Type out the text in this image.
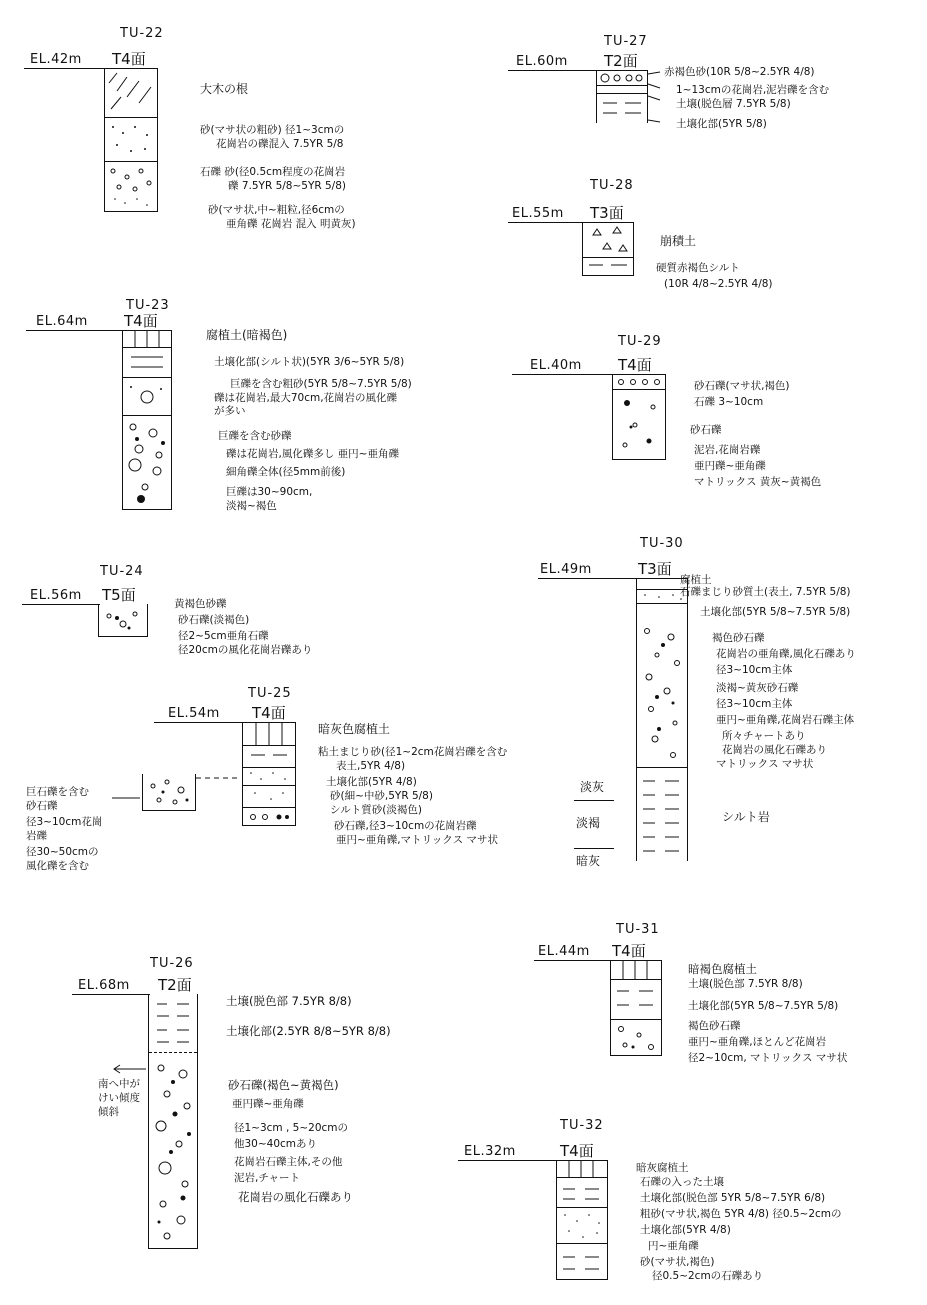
TU-22
EL.42m T4面
大木の根
砂(マサ状の粗砂) 径1~3cmの
花崗岩の礫混入 7.5YR 5/8
石礫 砂(径0.5cm程度の花崗岩
礫 7.5YR 5/8~5YR 5/8)
砂(マサ状,中~粗粒,径6cmの
亜角礫 花崗岩 混入 明黄灰)
TU-23
EL.64m T4面
腐植土(暗褐色)
土壌化部(シルト状)(5YR 3/6~5YR 5/8)
巨礫を含む粗砂(5YR 5/8~7.5YR 5/8)
礫は花崗岩,最大70cm,花崗岩の風化礫
が多い
巨礫を含む砂礫
礫は花崗岩,風化礫多し 亜円~亜角礫
細角礫全体(径5mm前後)
巨礫は30~90cm,
淡褐~褐色
TU-24
EL.56m T5面	黄褐色砂礫
砂石礫(淡褐色)
径2~5cm亜角石礫
径20cmの風化花崗岩礫あり
TU-25
EL.54m T4面
暗灰色腐植土
粘土まじり砂(径1~2cm花崗岩礫を含む
表土,5YR 4/8)
土壌化部(5YR 4/8)
砂(細~中砂,5YR 5/8)
シルト質砂(淡褐色)
砂石礫,径3~10cmの花崗岩礫
亜円~亜角礫,マトリックス マサ状
巨石礫を含む
砂石礫
径3~10cm花崗
岩礫
径30~50cmの
風化礫を含む
TU-26
EL.68m T2面
土壌(脱色部 7.5YR 8/8)
土壌化部(2.5YR 8/8~5YR 8/8)
砂石礫(褐色~黄褐色)
亜円礫~亜角礫
径1~3cm , 5~20cmの
他30~40cmあり
花崗岩石礫主体,その他
泥岩,チャート
花崗岩の風化石礫あり
南へ中が
けい傾度
傾斜
TU-27
EL.60m T2面
赤褐色砂(10R 5/8~2.5YR 4/8)
1~13cmの花崗岩,泥岩礫を含む
土壌(脱色層 7.5YR 5/8)
土壌化部(5YR 5/8)
TU-28
EL.55m T3面
崩積土
硬質赤褐色シルト
(10R 4/8~2.5YR 4/8)
TU-29
EL.40m T4面
砂石礫(マサ状,褐色)
石礫 3~10cm
砂石礫
泥岩,花崗岩礫
亜円礫~亜角礫
マトリックス 黄灰~黄褐色
TU-30
EL.49m	T3面
腐植土
石礫まじり砂質土(表土, 7.5YR 5/8)
土壌化部(5YR 5/8~7.5YR 5/8)
褐色砂石礫
花崗岩の亜角礫,風化石礫あり
径3~10cm主体
淡褐~黄灰砂石礫
径3~10cm主体
亜円~亜角礫,花崗岩石礫主体
所々チャートあり
花崗岩の風化石礫あり
マトリックス マサ状
シルト岩
淡灰
淡褐
暗灰
TU-31
EL.44m T4面
暗褐色腐植土
土壌(脱色部 7.5YR 8/8)
土壌化部(5YR 5/8~7.5YR 5/8)
褐色砂石礫
亜円~亜角礫,ほとんど花崗岩
径2~10cm, マトリックス マサ状
TU-32
EL.32m	T4面
暗灰腐植土
石礫の入った土壌
土壌化部(脱色部 5YR 5/8~7.5YR 6/8)
粗砂(マサ状,褐色 5YR 4/8) 径0.5~2cmの
土壌化部(5YR 4/8)
円~亜角礫
砂(マサ状,褐色)
径0.5~2cmの石礫あり
